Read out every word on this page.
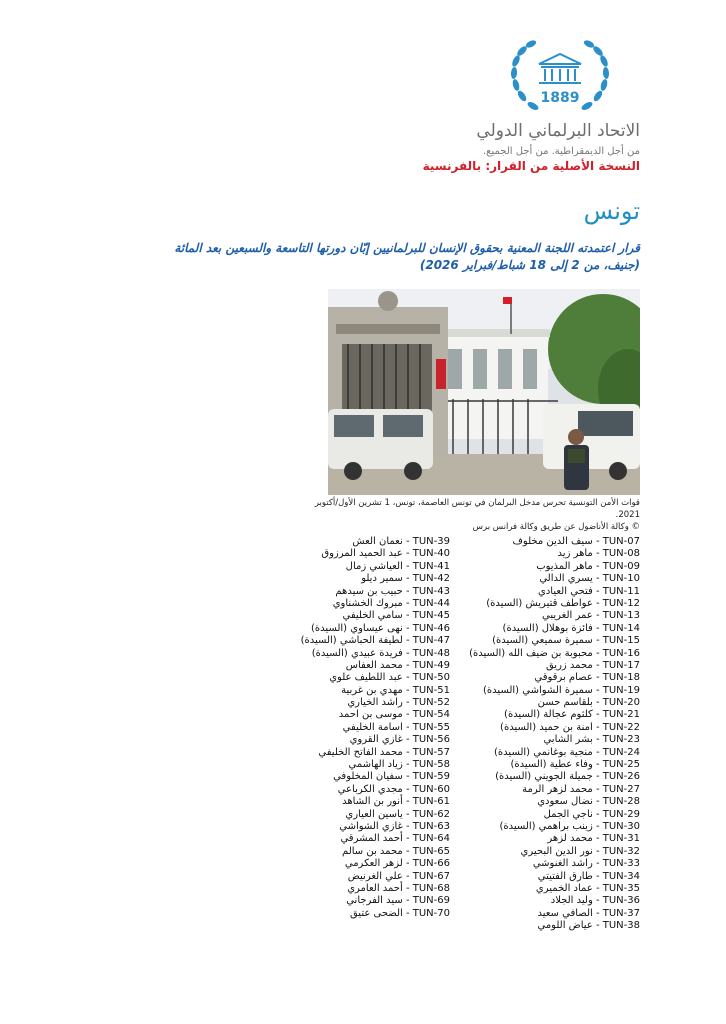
1889
الاتحاد البرلماني الدولي
من أجل الديمقراطية. من أجل الجميع.
النسخة الأصلية من القرار: بالفرنسية
تونس
قرار اعتمدته اللجنة المعنية بحقوق الإنسان للبرلمانيين إبّان دورتها التاسعة والسبعين بعد المائة
(جنيف، من 2 إلى 18 شباط/فبراير 2026)
قوات الأمن التونسية تحرس مدخل البرلمان في تونس العاصمة، تونس، 1 تشرين الأول/أكتوبر 2021.
© وكالة الأناضول عن طريق وكالة فرانس برس
TUN-07 - سيف الدين مخلوف
TUN-08 - ماهر زيد
TUN-09 - ماهر المذيوب
TUN-10 - يسري الدالي
TUN-11 - فتحي العيادي
TUN-12 - عواطف قتيريش (السيدة)
TUN-13 - عمر الغريبي
TUN-14 - فائزة بوهلال (السيدة)
TUN-15 - سميرة سميعي (السيدة)
TUN-16 - محبوبة بن ضيف الله (السيدة)
TUN-17 - محمد زريق
TUN-18 - عصام برقوقي
TUN-19 - سميرة الشواشي (السيدة)
TUN-20 - بلقاسم حسن
TUN-21 - كلثوم عجالة (السيدة)
TUN-22 - امنة بن حميد (السيدة)
TUN-23 - بشر الشابي
TUN-24 - منجية بوغانمي (السيدة)
TUN-25 - وفاء عطية (السيدة)
TUN-26 - جميلة الجويني (السيدة)
TUN-27 - محمد لزهر الرمة
TUN-28 - نضال سعودي
TUN-29 - ناجي الجمل
TUN-30 - زينب براهمي (السيدة)
TUN-31 - محمد لزهر
TUN-32 - نور الدين البحيري
TUN-33 - راشد الغنوشي
TUN-34 - طارق الفتيتي
TUN-35 - عماد الخميري
TUN-36 - وليد الجلاد
TUN-37 - الصافي سعيد
TUN-38 - عياض اللومي
TUN-39 - نعمان العش
TUN-40 - عبد الحميد المرزوق
TUN-41 - العياشي زمال
TUN-42 - سمير ديلو
TUN-43 - حبيب بن سيدهم
TUN-44 - مبروك الخشناوي
TUN-45 - سامي الخليفي
TUN-46 - نهى عيساوي (السيدة)
TUN-47 - لطيفة الحباشي (السيدة)
TUN-48 - فريدة عبيدي (السيدة)
TUN-49 - محمد العفاس
TUN-50 - عبد اللطيف علوي
TUN-51 - مهدي بن غربية
TUN-52 - راشد الخياري
TUN-54 - موسى بن احمد
TUN-55 - اسامة الخليفي
TUN-56 - غازي القروي
TUN-57 - محمد الفاتح الخليفي
TUN-58 - زياد الهاشمي
TUN-59 - سفيان المخلوفي
TUN-60 - مجدي الكرباعي
TUN-61 - أنور بن الشاهد
TUN-62 - ياسين العياري
TUN-63 - غازي الشواشي
TUN-64 - أحمد المشرقي
TUN-65 - محمد بن سالم
TUN-66 - لزهر العكرمي
TUN-67 - علي الغرنيض
TUN-68 - أحمد العامري
TUN-69 - سيد الفرجاني
TUN-70 - الضحى عتيق
